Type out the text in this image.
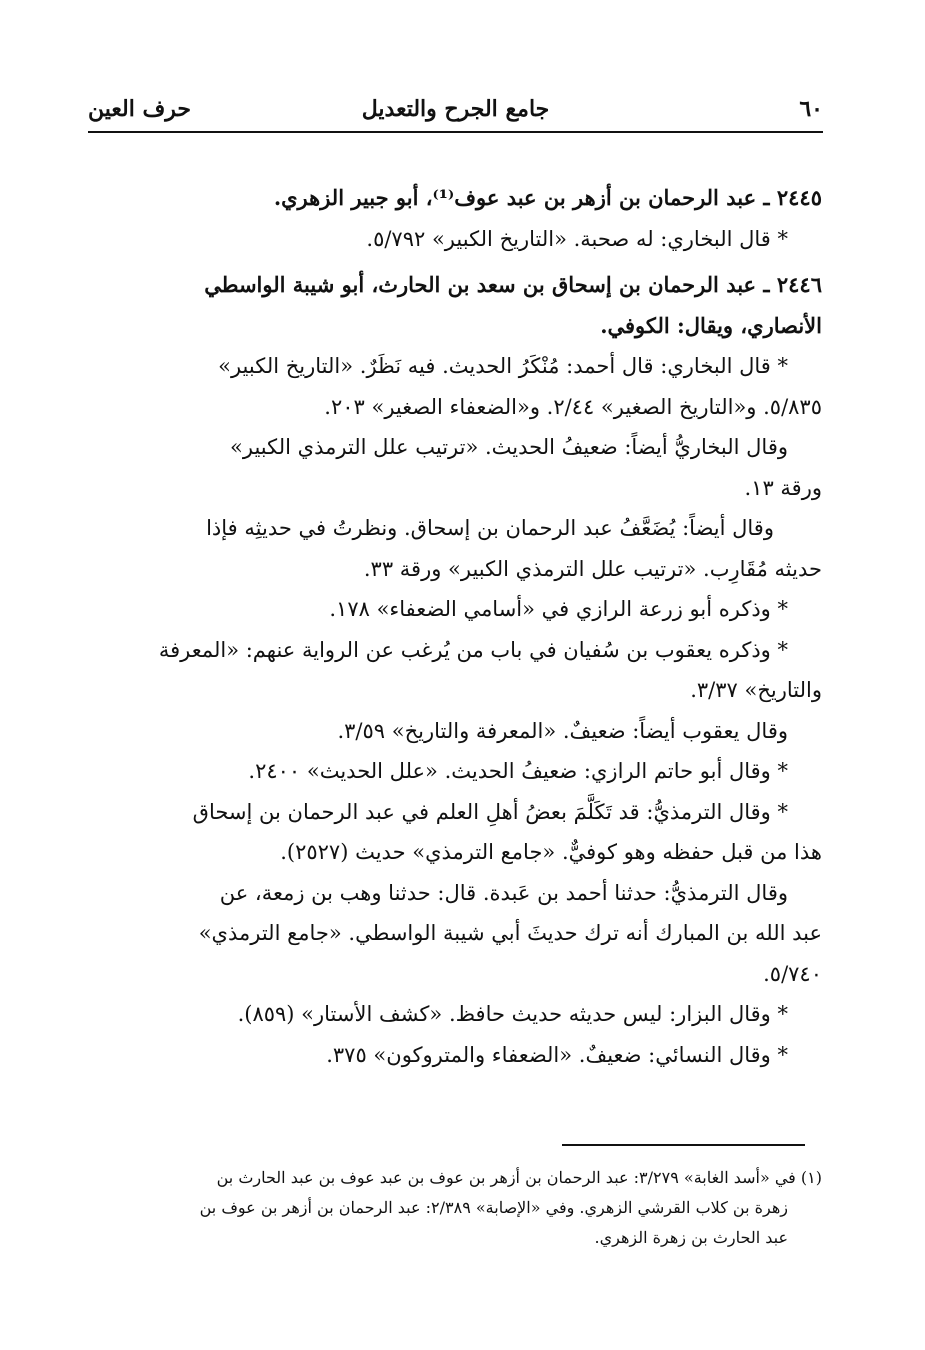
٦٠
جامع الجرح والتعديل
حرف العين

٢٤٤٥ ـ عبد الرحمان بن أزهر بن عبد عوف⁽¹⁾، أبو جبير الزهري.

* قال البخاري: له صحبة. «التاريخ الكبير» ٥/٧٩٢.

٢٤٤٦ ـ عبد الرحمان بن إسحاق بن سعد بن الحارث، أبو شيبة الواسطي

الأنصاري، ويقال: الكوفي.

* قال البخاري: قال أحمد: مُنْكَرُ الحديث. فيه نَظَرٌ. «التاريخ الكبير»

٥/٨٣٥. و«التاريخ الصغير» ٢/٤٤. و«الضعفاء الصغير» ٢٠٣.

وقال البخاريُّ أيضاً: ضعيفُ الحديث. «ترتيب علل الترمذي الكبير»

ورقة ١٣.

وقال أيضاً: يُضَعَّفُ عبد الرحمان بن إسحاق. ونظرتُ في حديثِه فإذا

حديثه مُقَارِب. «ترتيب علل الترمذي الكبير» ورقة ٣٣.

* وذكره أبو زرعة الرازي في «أسامي الضعفاء» ١٧٨.

* وذكره يعقوب بن سُفيان في باب من يُرغب عن الرواية عنهم: «المعرفة

والتاريخ» ٣/٣٧.

وقال يعقوب أيضاً: ضعيفٌ. «المعرفة والتاريخ» ٣/٥٩.

* وقال أبو حاتم الرازي: ضعيفُ الحديث. «علل الحديث» ٢٤٠٠.

* وقال الترمذيُّ: قد تَكَلَّمَ بعضُ أهلِ العلم في عبد الرحمان بن إسحاق

هذا من قبل حفظه وهو كوفيٌّ. «جامع الترمذي» حديث (٢٥٢٧).

وقال الترمذيُّ: حدثنا أحمد بن عَبدة. قال: حدثنا وهب بن زمعة، عن

عبد الله بن المبارك أنه ترك حديثَ أبي شيبة الواسطي. «جامع الترمذي»

٥/٧٤٠.

* وقال البزار: ليس حديثه حديث حافظ. «كشف الأستار» (٨٥٩).

* وقال النسائي: ضعيفٌ. «الضعفاء والمتروكون» ٣٧٥.

(١) في «أسد الغابة» ٣/٢٧٩: عبد الرحمان بن أزهر بن عوف بن عبد عوف بن عبد الحارث بن

زهرة بن كلاب القرشي الزهري. وفي «الإصابة» ٢/٣٨٩: عبد الرحمان بن أزهر بن عوف بن

عبد الحارث بن زهرة الزهري.
